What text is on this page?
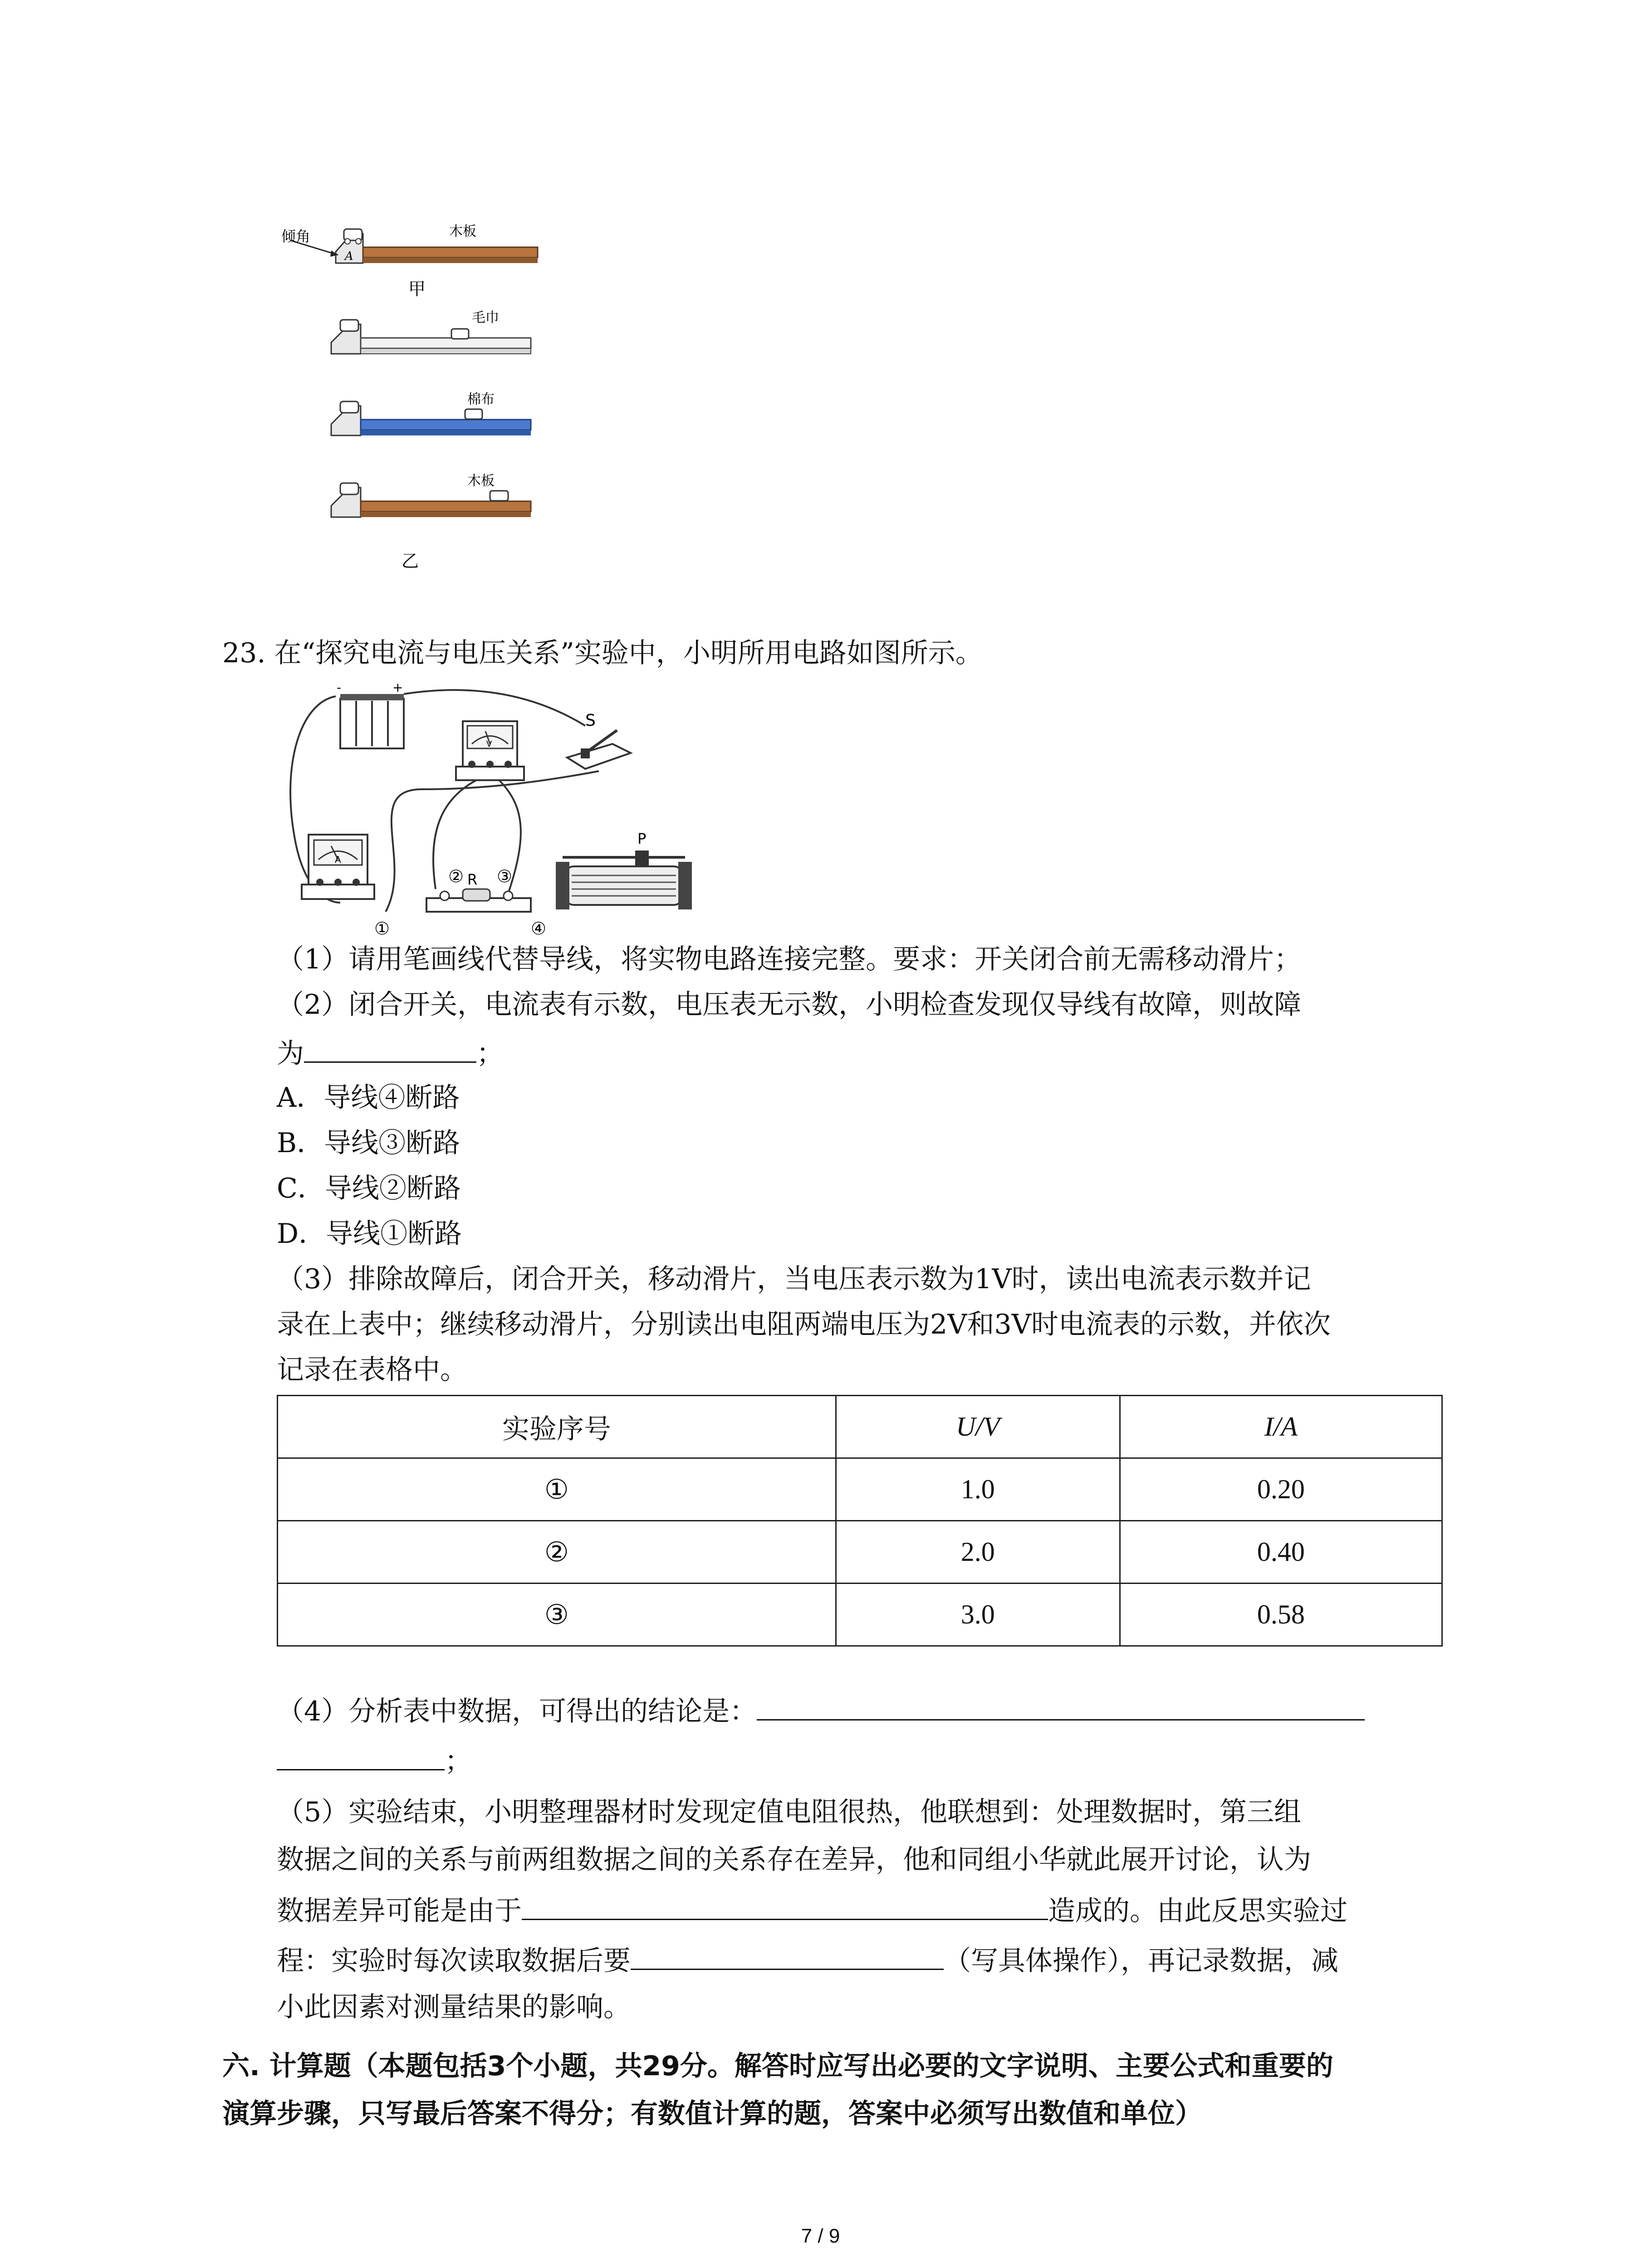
倾角
A
木板
甲
毛巾
棉布
木板
乙
23. 在“探究电流与电压关系”实验中，小明所用电路如图所示。
-	+
V
S
A
R
P
①
② ③
④
（1）请用笔画线代替导线，将实物电路连接完整。要求：开关闭合前无需移动滑片；
（2）闭合开关，电流表有示数，电压表无示数，小明检查发现仅导线有故障，则故障
为	；
A．导线④断路
B．导线③断路
C．导线②断路
D．导线①断路
（3）排除故障后，闭合开关，移动滑片，当电压表示数为1V时，读出电流表示数并记
录在上表中；继续移动滑片，分别读出电阻两端电压为2V和3V时电流表的示数，并依次
记录在表格中。
实验序号	U/V	I/A
①	1.0	0.20
②	2.0	0.40
③	3.0	0.58
（4）分析表中数据，可得出的结论是：
；
（5）实验结束，小明整理器材时发现定值电阻很热，他联想到：处理数据时，第三组
数据之间的关系与前两组数据之间的关系存在差异，他和同组小华就此展开讨论，认为
数据差异可能是由于	造成的。由此反思实验过
程：实验时每次读取数据后要	（写具体操作），再记录数据，减
小此因素对测量结果的影响。
六. 计算题（本题包括3个小题，共29分。解答时应写出必要的文字说明、主要公式和重要的
演算步骤，只写最后答案不得分；有数值计算的题，答案中必须写出数值和单位）
7 / 9
